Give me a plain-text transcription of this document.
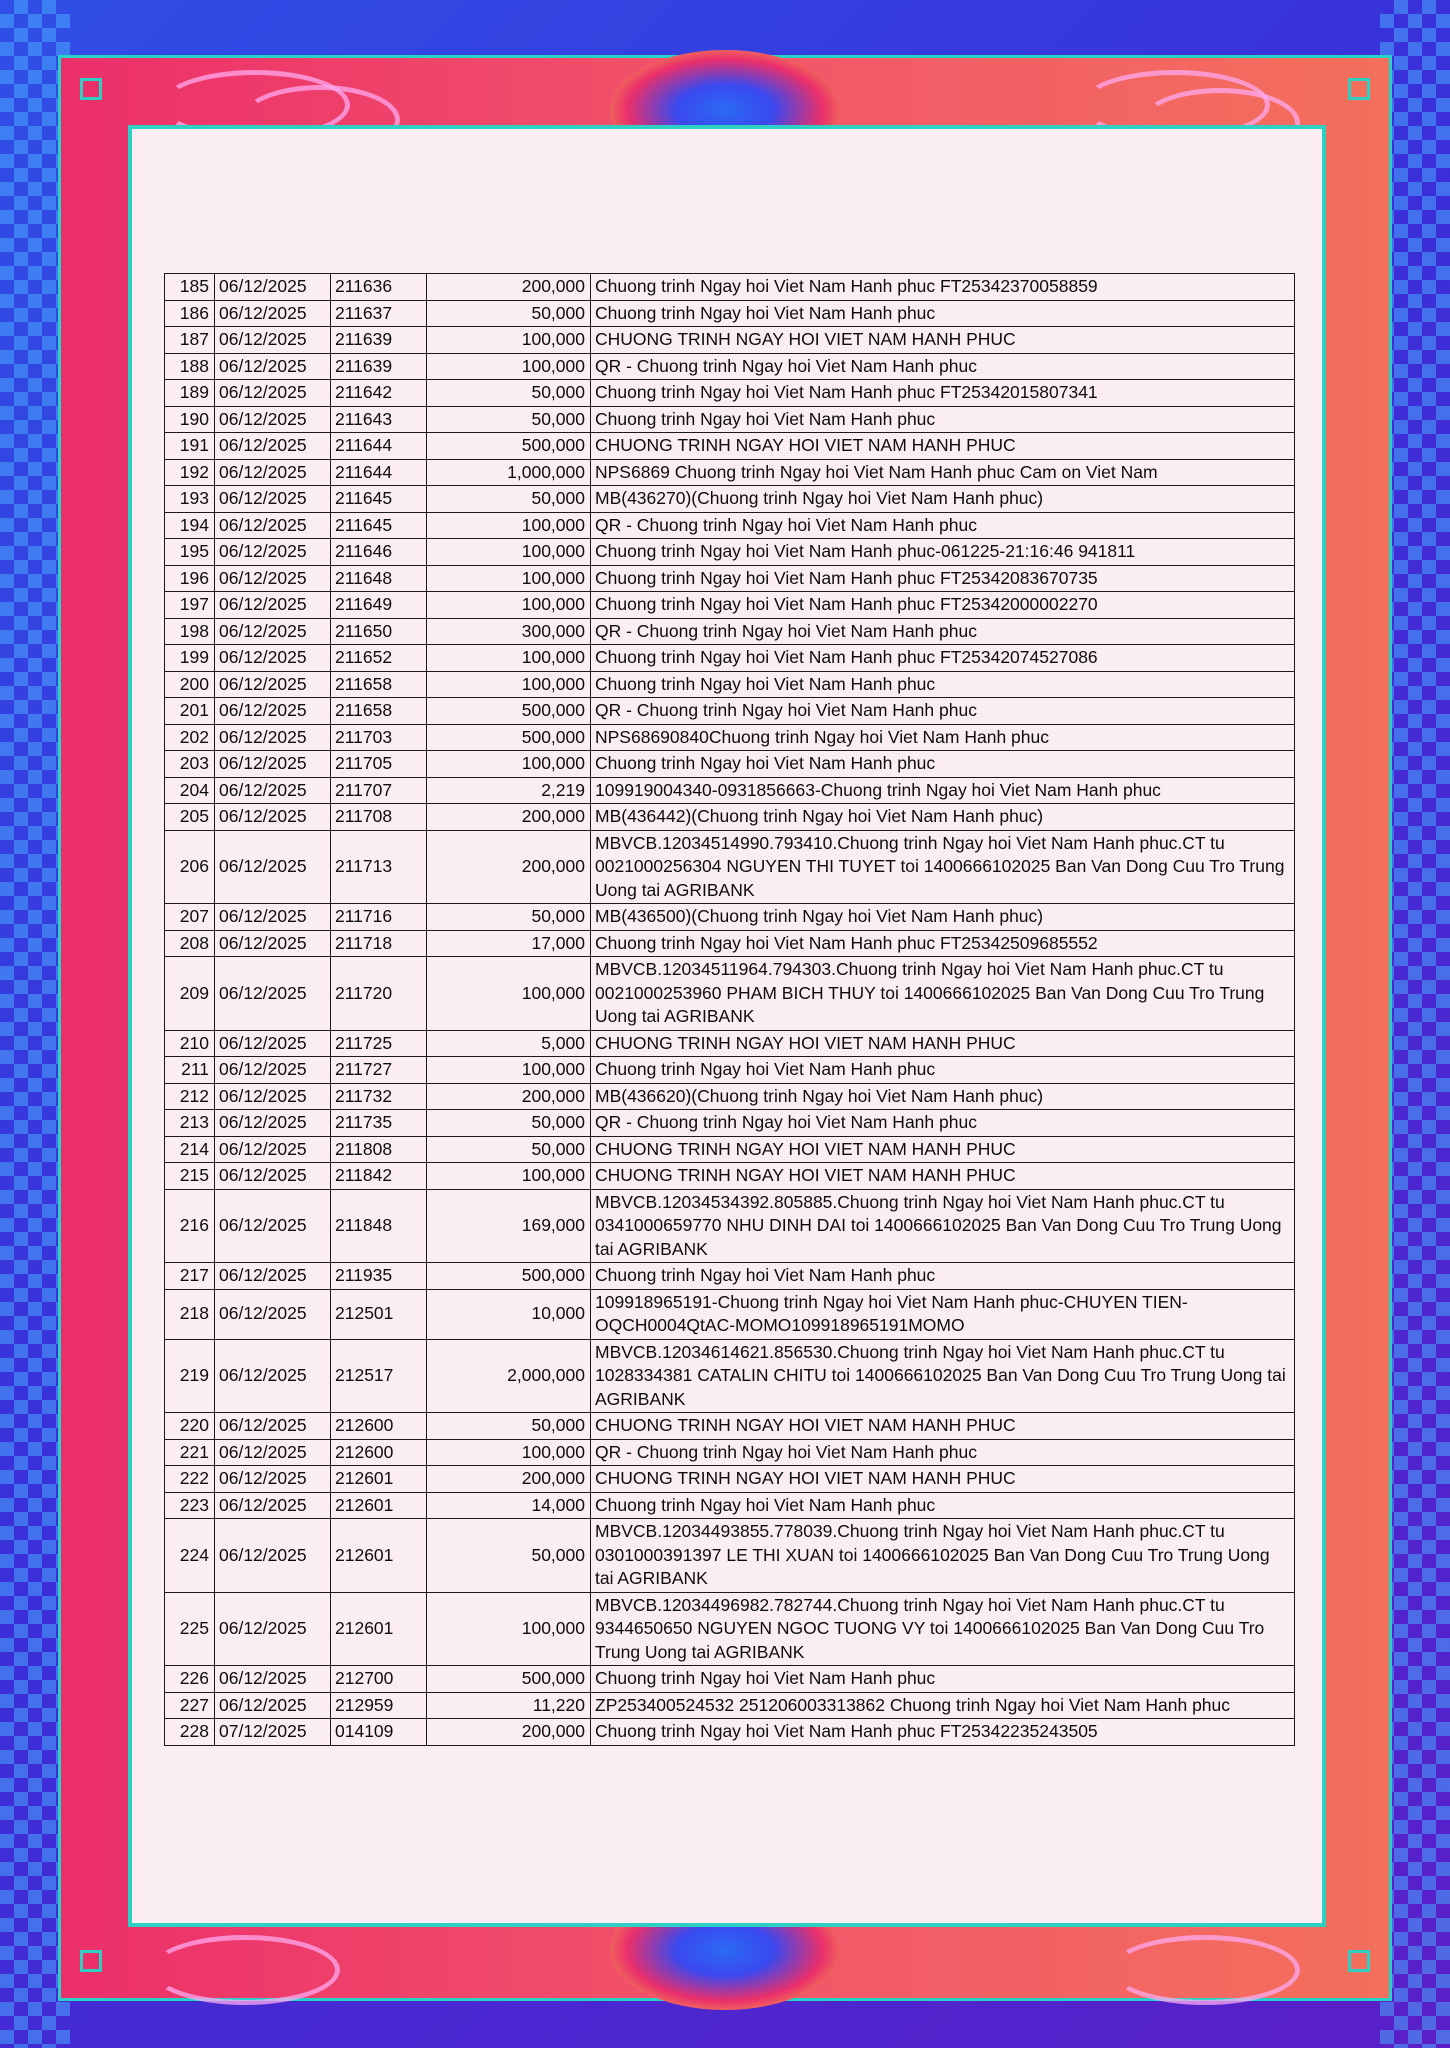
185	06/12/2025	211636	200,000	Chuong trinh Ngay hoi Viet Nam Hanh phuc FT25342370058859
186	06/12/2025	211637	50,000	Chuong trinh Ngay hoi Viet Nam Hanh phuc
187	06/12/2025	211639	100,000	CHUONG TRINH NGAY HOI VIET NAM HANH PHUC
188	06/12/2025	211639	100,000	QR - Chuong trinh Ngay hoi Viet Nam Hanh phuc
189	06/12/2025	211642	50,000	Chuong trinh Ngay hoi Viet Nam Hanh phuc FT25342015807341
190	06/12/2025	211643	50,000	Chuong trinh Ngay hoi Viet Nam Hanh phuc
191	06/12/2025	211644	500,000	CHUONG TRINH NGAY HOI VIET NAM HANH PHUC
192	06/12/2025	211644	1,000,000	NPS6869 Chuong trinh Ngay hoi Viet Nam Hanh phuc Cam on Viet Nam
193	06/12/2025	211645	50,000	MB(436270)(Chuong trinh Ngay hoi Viet Nam Hanh phuc)
194	06/12/2025	211645	100,000	QR - Chuong trinh Ngay hoi Viet Nam Hanh phuc
195	06/12/2025	211646	100,000	Chuong trinh Ngay hoi Viet Nam Hanh phuc-061225-21:16:46 941811
196	06/12/2025	211648	100,000	Chuong trinh Ngay hoi Viet Nam Hanh phuc FT25342083670735
197	06/12/2025	211649	100,000	Chuong trinh Ngay hoi Viet Nam Hanh phuc FT25342000002270
198	06/12/2025	211650	300,000	QR - Chuong trinh Ngay hoi Viet Nam Hanh phuc
199	06/12/2025	211652	100,000	Chuong trinh Ngay hoi Viet Nam Hanh phuc FT25342074527086
200	06/12/2025	211658	100,000	Chuong trinh Ngay hoi Viet Nam Hanh phuc
201	06/12/2025	211658	500,000	QR - Chuong trinh Ngay hoi Viet Nam Hanh phuc
202	06/12/2025	211703	500,000	NPS68690840Chuong trinh Ngay hoi Viet Nam Hanh phuc
203	06/12/2025	211705	100,000	Chuong trinh Ngay hoi Viet Nam Hanh phuc
204	06/12/2025	211707	2,219	109919004340-0931856663-Chuong trinh Ngay hoi Viet Nam Hanh phuc
205	06/12/2025	211708	200,000	MB(436442)(Chuong trinh Ngay hoi Viet Nam Hanh phuc)
206	06/12/2025	211713	200,000	MBVCB.12034514990.793410.Chuong trinh Ngay hoi Viet Nam Hanh phuc.CT tu 0021000256304 NGUYEN THI TUYET toi 1400666102025 Ban Van Dong Cuu Tro Trung Uong tai AGRIBANK
207	06/12/2025	211716	50,000	MB(436500)(Chuong trinh Ngay hoi Viet Nam Hanh phuc)
208	06/12/2025	211718	17,000	Chuong trinh Ngay hoi Viet Nam Hanh phuc FT25342509685552
209	06/12/2025	211720	100,000	MBVCB.12034511964.794303.Chuong trinh Ngay hoi Viet Nam Hanh phuc.CT tu 0021000253960 PHAM BICH THUY toi 1400666102025 Ban Van Dong Cuu Tro Trung Uong tai AGRIBANK
210	06/12/2025	211725	5,000	CHUONG TRINH NGAY HOI VIET NAM HANH PHUC
211	06/12/2025	211727	100,000	Chuong trinh Ngay hoi Viet Nam Hanh phuc
212	06/12/2025	211732	200,000	MB(436620)(Chuong trinh Ngay hoi Viet Nam Hanh phuc)
213	06/12/2025	211735	50,000	QR - Chuong trinh Ngay hoi Viet Nam Hanh phuc
214	06/12/2025	211808	50,000	CHUONG TRINH NGAY HOI VIET NAM HANH PHUC
215	06/12/2025	211842	100,000	CHUONG TRINH NGAY HOI VIET NAM HANH PHUC
216	06/12/2025	211848	169,000	MBVCB.12034534392.805885.Chuong trinh Ngay hoi Viet Nam Hanh phuc.CT tu 0341000659770 NHU DINH DAI toi 1400666102025 Ban Van Dong Cuu Tro Trung Uong tai AGRIBANK
217	06/12/2025	211935	500,000	Chuong trinh Ngay hoi Viet Nam Hanh phuc
218	06/12/2025	212501	10,000	109918965191-Chuong trinh Ngay hoi Viet Nam Hanh phuc-CHUYEN TIEN-OQCH0004QtAC-MOMO109918965191MOMO
219	06/12/2025	212517	2,000,000	MBVCB.12034614621.856530.Chuong trinh Ngay hoi Viet Nam Hanh phuc.CT tu 1028334381 CATALIN CHITU toi 1400666102025 Ban Van Dong Cuu Tro Trung Uong tai AGRIBANK
220	06/12/2025	212600	50,000	CHUONG TRINH NGAY HOI VIET NAM HANH PHUC
221	06/12/2025	212600	100,000	QR - Chuong trinh Ngay hoi Viet Nam Hanh phuc
222	06/12/2025	212601	200,000	CHUONG TRINH NGAY HOI VIET NAM HANH PHUC
223	06/12/2025	212601	14,000	Chuong trinh Ngay hoi Viet Nam Hanh phuc
224	06/12/2025	212601	50,000	MBVCB.12034493855.778039.Chuong trinh Ngay hoi Viet Nam Hanh phuc.CT tu 0301000391397 LE THI XUAN toi 1400666102025 Ban Van Dong Cuu Tro Trung Uong tai AGRIBANK
225	06/12/2025	212601	100,000	MBVCB.12034496982.782744.Chuong trinh Ngay hoi Viet Nam Hanh phuc.CT tu 9344650650 NGUYEN NGOC TUONG VY toi 1400666102025 Ban Van Dong Cuu Tro Trung Uong tai AGRIBANK
226	06/12/2025	212700	500,000	Chuong trinh Ngay hoi Viet Nam Hanh phuc
227	06/12/2025	212959	11,220	ZP253400524532 251206003313862 Chuong trinh Ngay hoi Viet Nam Hanh phuc
228	07/12/2025	014109	200,000	Chuong trinh Ngay hoi Viet Nam Hanh phuc FT25342235243505
